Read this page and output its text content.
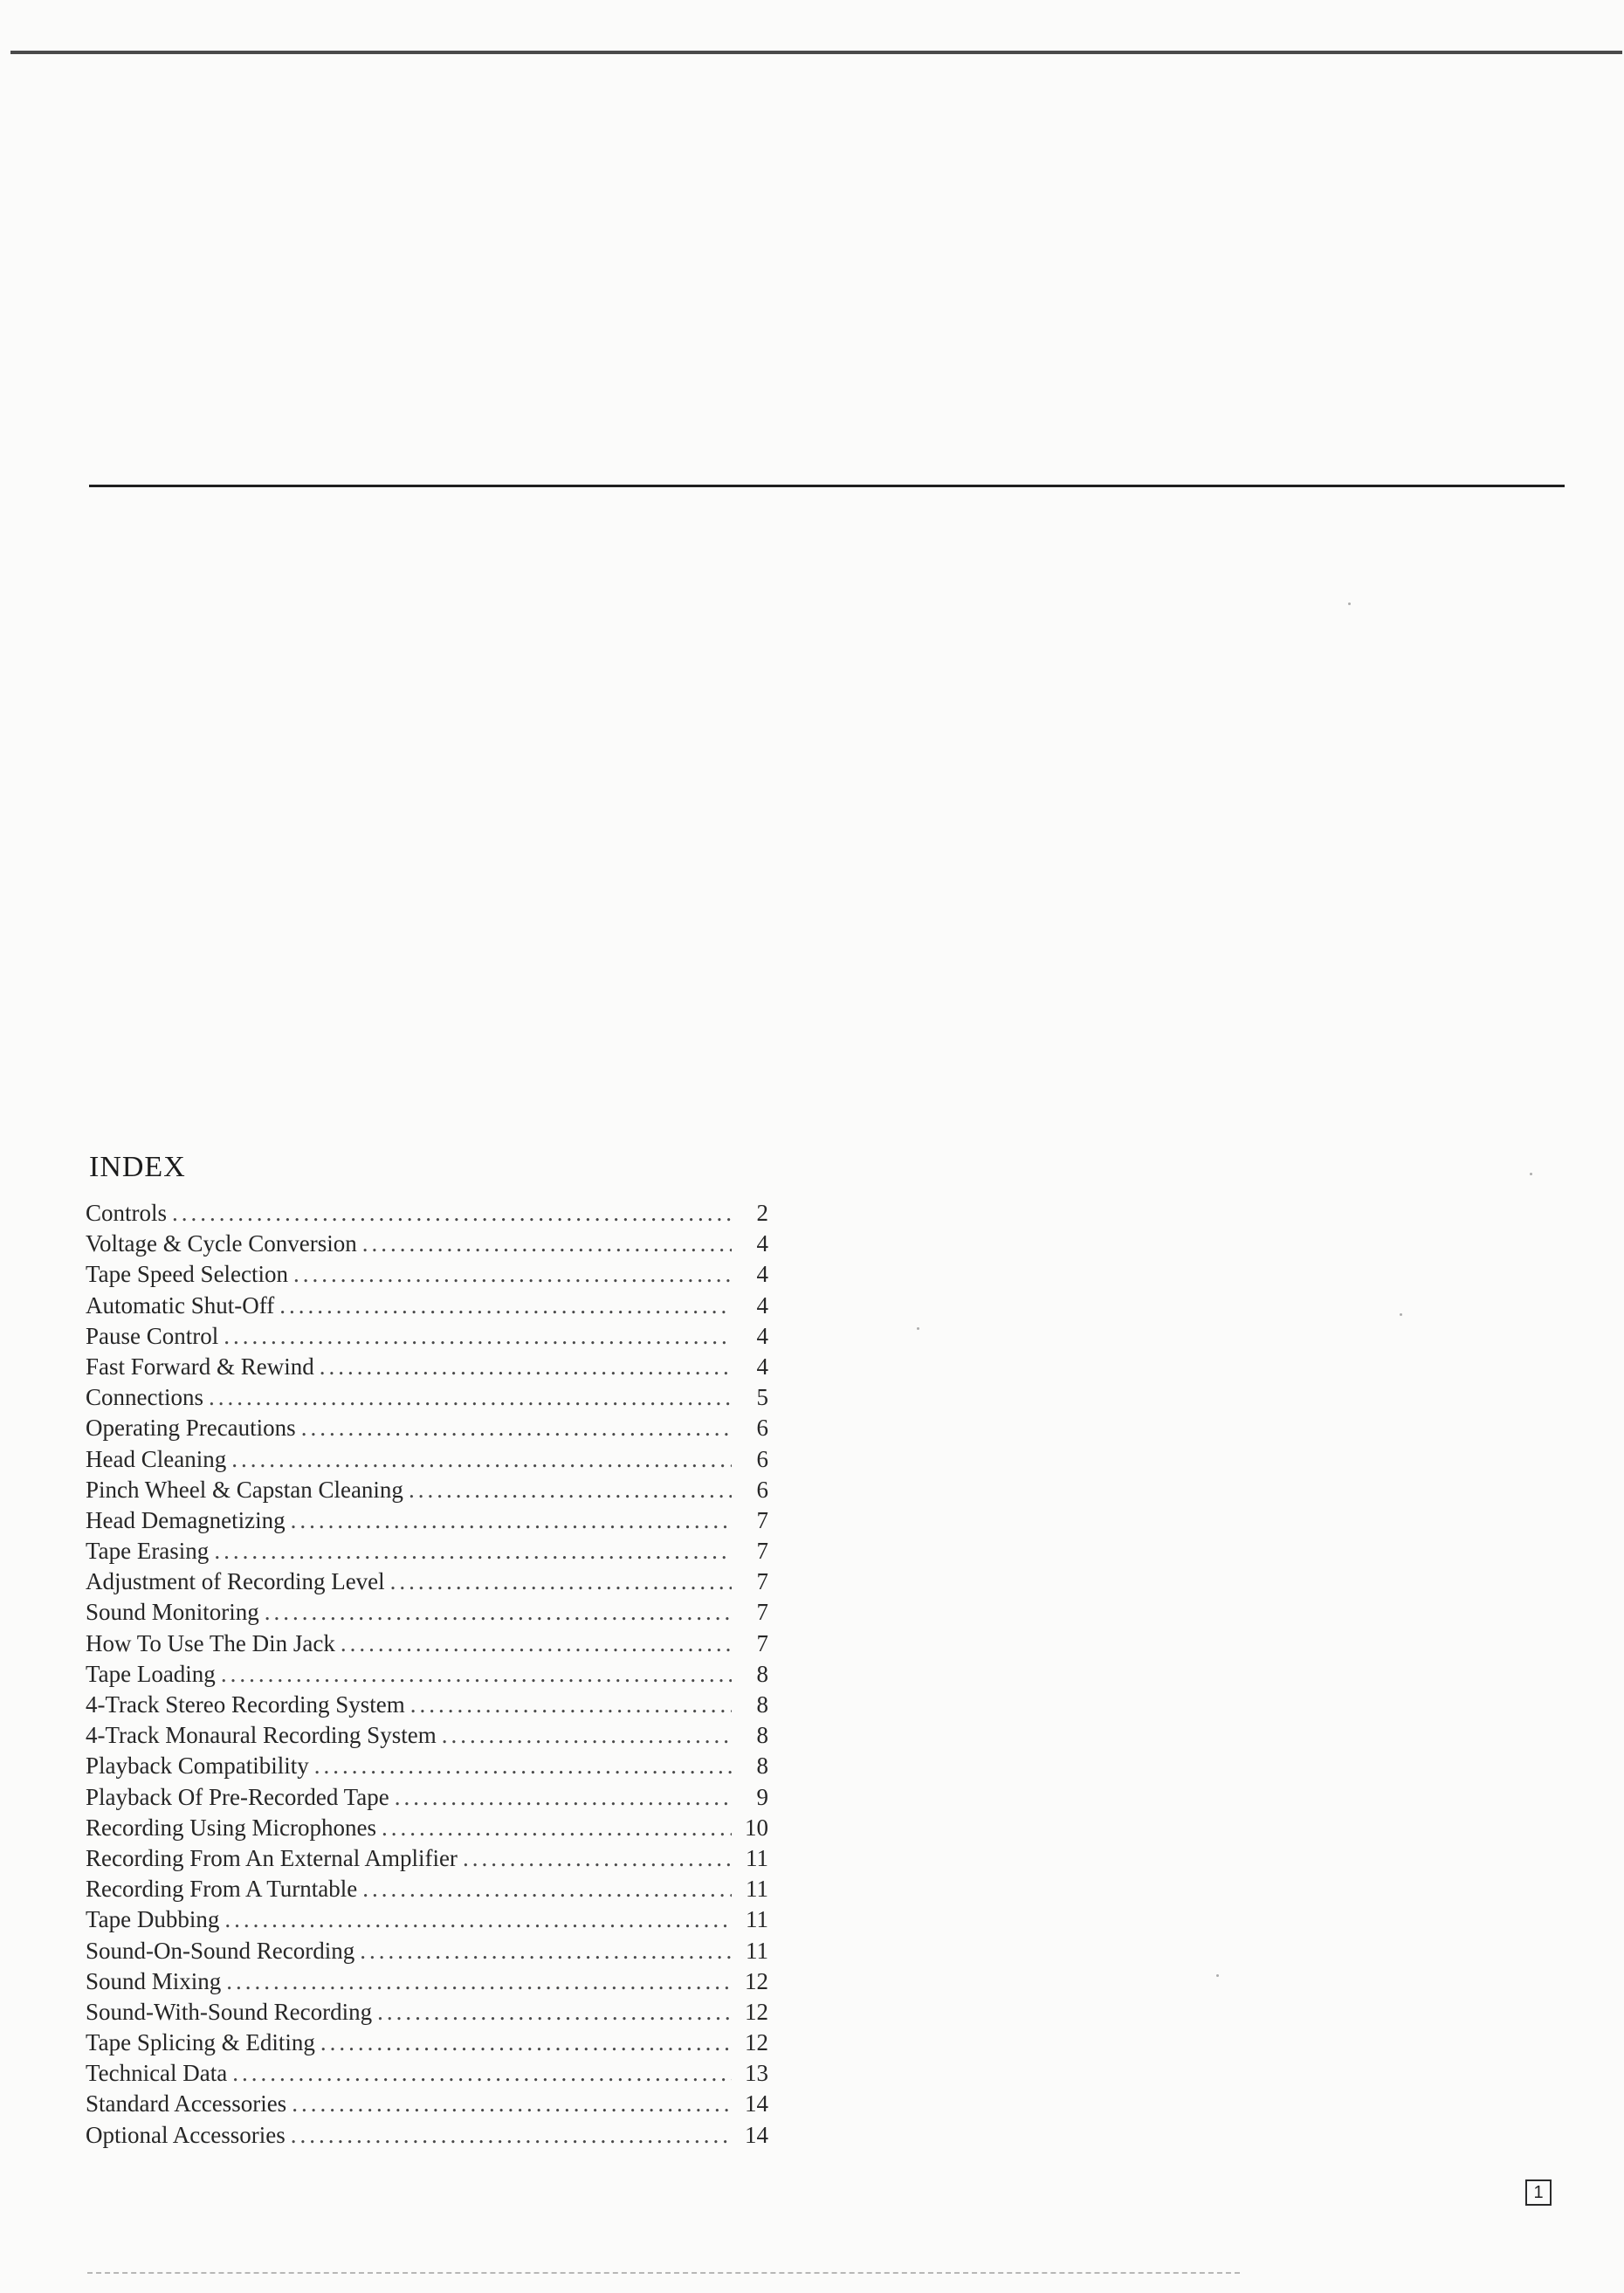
INDEX
Controls .....	2
Voltage & Cycle Conversion .....	4
Tape Speed Selection .....	4
Automatic Shut-Off .....	4
Pause Control .....	4
Fast Forward & Rewind .....	4
Connections .....	5
Operating Precautions .....	6
Head Cleaning .....	6
Pinch Wheel & Capstan Cleaning .....	6
Head Demagnetizing .....	7
Tape Erasing .....	7
Adjustment of Recording Level .....	7
Sound Monitoring .....	7
How To Use The Din Jack .....	7
Tape Loading .....	8
4-Track Stereo Recording System .....	8
4-Track Monaural Recording System .....	8
Playback Compatibility .....	8
Playback Of Pre-Recorded Tape .....	9
Recording Using Microphones .....	10
Recording From An External Amplifier .....	11
Recording From A Turntable .....	11
Tape Dubbing .....	11
Sound-On-Sound Recording .....	11
Sound Mixing .....	12
Sound-With-Sound Recording .....	12
Tape Splicing & Editing .....	12
Technical Data .....	13
Standard Accessories .....	14
Optional Accessories .....	14
1
